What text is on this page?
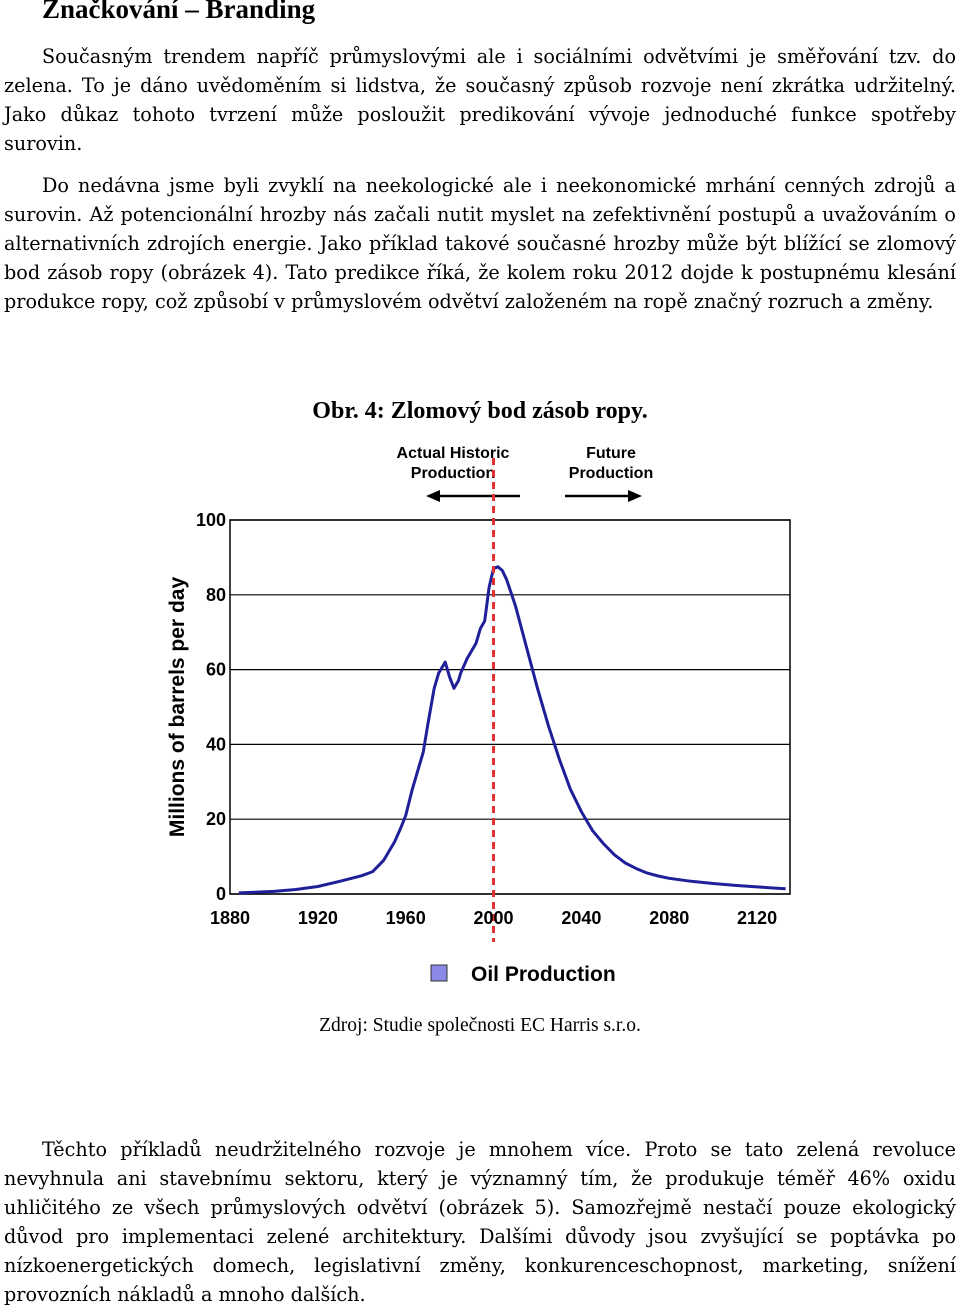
Značkování – Branding

Současným trendem napříč průmyslovými ale i sociálními odvětvími je směřování tzv. do zelena. To je dáno uvědoměním si lidstva, že současný způsob rozvoje není zkrátka udržitelný. Jako důkaz tohoto tvrzení může posloužit predikování vývoje jednoduché funkce spotřeby surovin.

Do nedávna jsme byli zvyklí na neekologické ale i neekonomické mrhání cenných zdrojů a surovin. Až potencionální hrozby nás začali nutit myslet na zefektivnění postupů a uvažováním o alternativních zdrojích energie. Jako příklad takové současné hrozby může být blížící se zlomový bod zásob ropy (obrázek 4). Tato predikce říká, že kolem roku 2012 dojde k postupnému klesání produkce ropy, což způsobí v průmyslovém odvětví založeném na ropě značný rozruch a změny.

Obr. 4: Zlomový bod zásob ropy.

Actual Historic
Production
Future
Production
0
20
40
60
80
100
1880	1920	1960	2000	2040	2080	2120
Millions of barrels per day
Oil Production

Zdroj: Studie společnosti EC Harris s.r.o.

Těchto příkladů neudržitelného rozvoje je mnohem více. Proto se tato zelená revoluce nevyhnula ani stavebnímu sektoru, který je významný tím, že produkuje téměř 46% oxidu uhličitého ze všech průmyslových odvětví (obrázek 5). Samozřejmě nestačí pouze ekologický důvod pro implementaci zelené architektury. Dalšími důvody jsou zvyšující se poptávka po nízkoenergetických domech, legislativní změny, konkurenceschopnost, marketing, snížení provozních nákladů a mnoho dalších.
